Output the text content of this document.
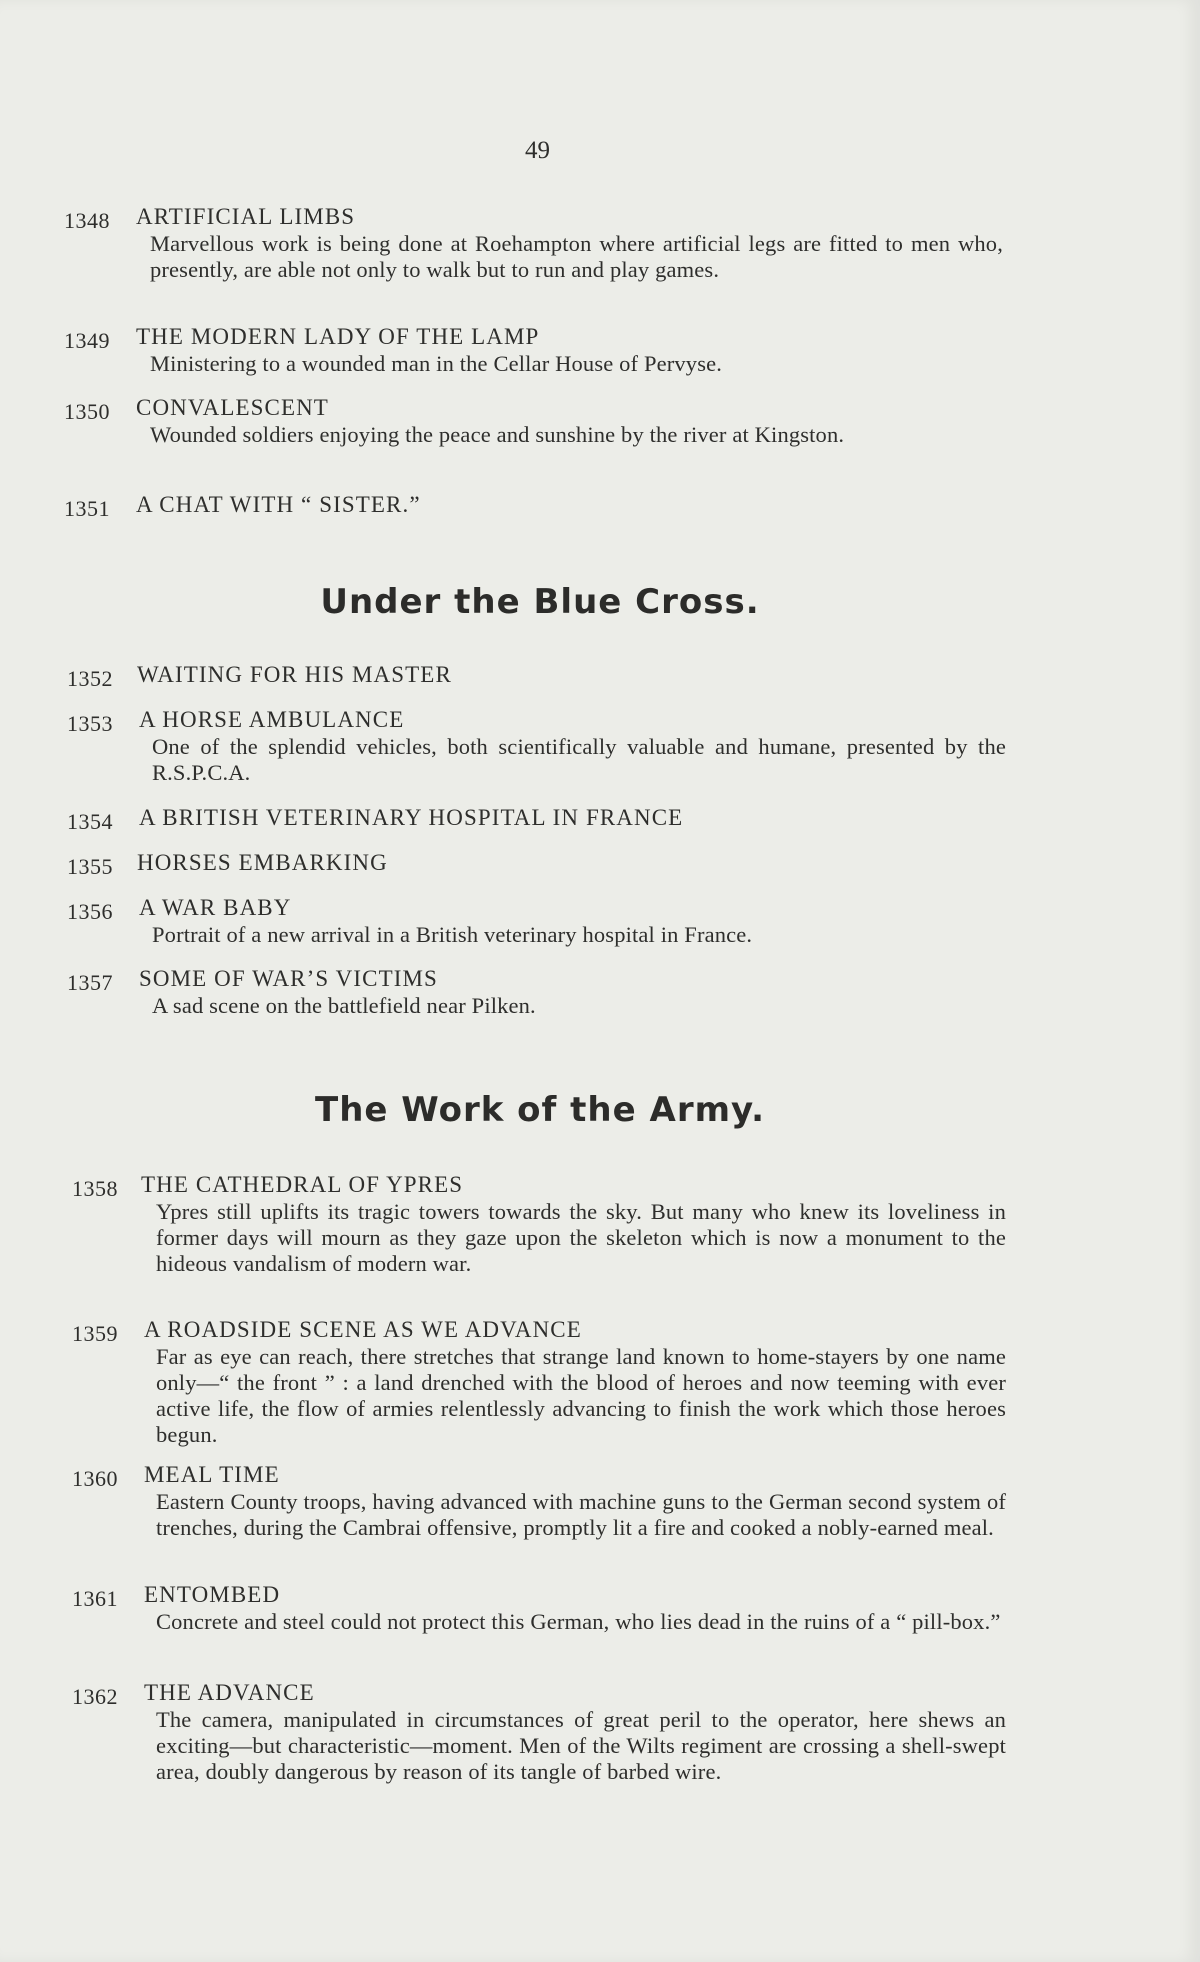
49
Under the Blue Cross.
The Work of the Army.
1348 ARTIFICIAL LIMBS
Marvellous work is being done at Roehampton where artificial legs are fitted to men who, presently, are able not only to walk but to run and play games.
1349 THE MODERN LADY OF THE LAMP
Ministering to a wounded man in the Cellar House of Pervyse.
1350 CONVALESCENT
Wounded soldiers enjoying the peace and sunshine by the river at Kingston.
1351 A CHAT WITH “ SISTER.”
1352 WAITING FOR HIS MASTER
1353 A HORSE AMBULANCE
One of the splendid vehicles, both scientifically valuable and humane, presented by the R.S.P.C.A.
1354 A BRITISH VETERINARY HOSPITAL IN FRANCE
1355 HORSES EMBARKING
1356 A WAR BABY
Portrait of a new arrival in a British veterinary hospital in France.
1357 SOME OF WAR’S VICTIMS
A sad scene on the battlefield near Pilken.
1358 THE CATHEDRAL OF YPRES
Ypres still uplifts its tragic towers towards the sky. But many who knew its loveliness in former days will mourn as they gaze upon the skeleton which is now a monument to the hideous vandalism of modern war.
1359 A ROADSIDE SCENE AS WE ADVANCE
Far as eye can reach, there stretches that strange land known to home-stayers by one name only—“ the front ” : a land drenched with the blood of heroes and now teeming with ever active life, the flow of armies relentlessly advancing to finish the work which those heroes begun.
1360 MEAL TIME
Eastern County troops, having advanced with machine guns to the German second system of trenches, during the Cambrai offensive, promptly lit a fire and cooked a nobly-earned meal.
1361 ENTOMBED
Concrete and steel could not protect this German, who lies dead in the ruins of a “ pill-box.”
1362 THE ADVANCE
The camera, manipulated in circumstances of great peril to the operator, here shews an exciting—but characteristic—moment. Men of the Wilts regiment are crossing a shell-swept area, doubly dangerous by reason of its tangle of barbed wire.
